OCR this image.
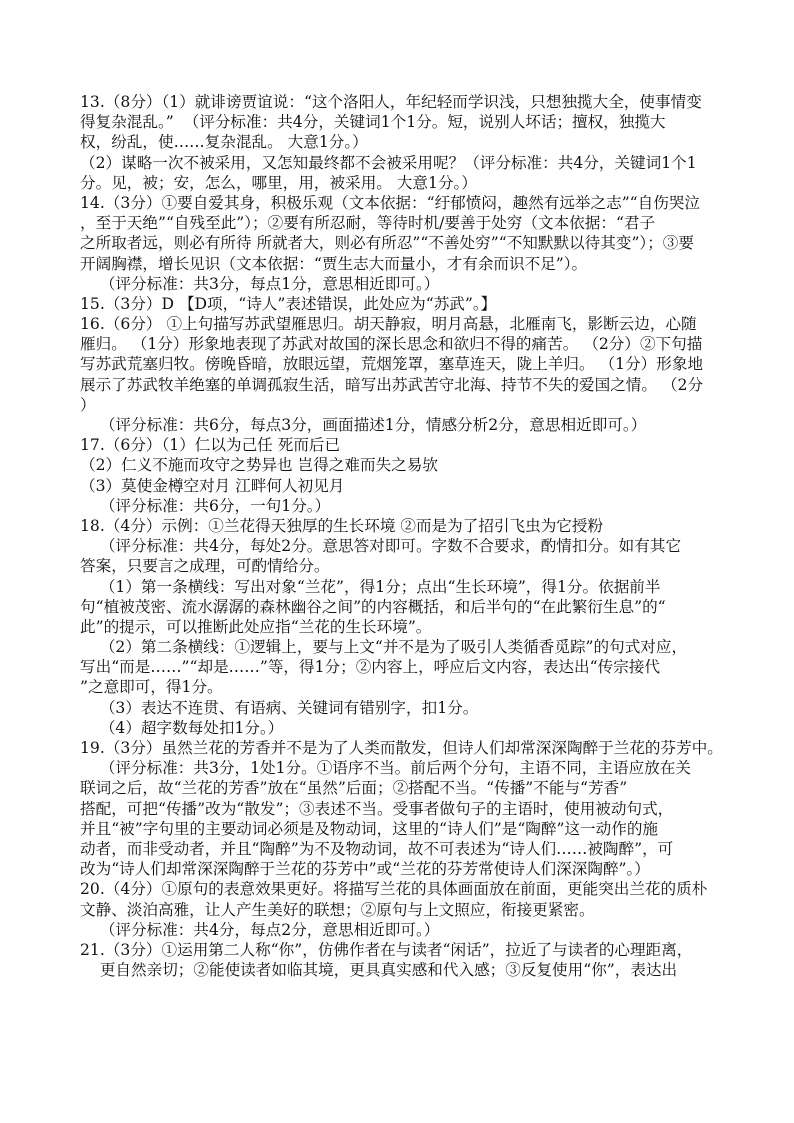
13.（8分）（1）就诽谤贾谊说：“这个洛阳人，年纪轻而学识浅，只想独揽大全，使事情变
得复杂混乱。”  （评分标准：共4分，关键词1个1分。短，说别人坏话；擅权，独揽大
权，纷乱，使……复杂混乱。 大意1分。）
（2）谋略一次不被采用，又怎知最终都不会被采用呢？（评分标准：共4分，关键词1个1
分。见，被；安，怎么，哪里，用，被采用。 大意1分。）
14.（3分）①要自爱其身，积极乐观（文本依据：“纡郁愤闷，趣然有远举之志”“自伤哭泣
，至于天绝”“自残至此”）；②要有所忍耐，等待时机/要善于处穷（文本依据：“君子
之所取者远，则必有所待 所就者大，则必有所忍”“不善处穷”“不知默默以待其变”）；③要
开阔胸襟，增长见识（文本依据：“贾生志大而量小，才有余而识不足”）。
（评分标准：共3分，每点1分，意思相近即可。）
15.（3分）D 【D项，“诗人”表述错误，此处应为“苏武”。】
16.（6分） ①上句描写苏武望雁思归。胡天静寂，明月高悬，北雁南飞，影断云边，心随
雁归。 （1分）形象地表现了苏武对故国的深长思念和欲归不得的痛苦。 （2分）②下句描
写苏武荒塞归牧。傍晚昏暗，放眼远望，荒烟笼罩，塞草连天，陇上羊归。 （1分）形象地
展示了苏武牧羊绝塞的单调孤寂生活，暗写出苏武苦守北海、持节不失的爱国之情。 （2分
）
（评分标准：共6分，每点3分，画面描述1分，情感分析2分，意思相近即可。）
17.（6分）（1）仁以为己任 死而后已
（2）仁义不施而攻守之势异也 岂得之难而失之易欤
（3）莫使金樽空对月 江畔何人初见月
（评分标准：共6分，一句1分。）
18.（4分）示例：①兰花得天独厚的生长环境 ②而是为了招引飞虫为它授粉
（评分标准：共4分，每处2分。意思答对即可。字数不合要求，酌情扣分。如有其它
答案，只要言之成理，可酌情给分。
（1）第一条横线：写出对象“兰花”，得1分；点出“生长环境”，得1分。依据前半
句“植被茂密、流水潺潺的森林幽谷之间”的内容概括，和后半句的“在此繁衍生息”的“
此”的提示，可以推断此处应指“兰花的生长环境”。
（2）第二条横线：①逻辑上，要与上文“并不是为了吸引人类循香觅踪”的句式对应，
写出“而是……”“却是……”等，得1分；②内容上，呼应后文内容，表达出“传宗接代
”之意即可，得1分。
（3）表达不连贯、有语病、关键词有错别字，扣1分。
（4）超字数每处扣1分。）
19.（3分）虽然兰花的芳香并不是为了人类而散发，但诗人们却常深深陶醉于兰花的芬芳中。
（评分标准：共3分，1处1分。①语序不当。前后两个分句，主语不同，主语应放在关
联词之后，故“兰花的芳香”放在“虽然”后面；②搭配不当。“传播”不能与“芳香”
搭配，可把“传播”改为“散发”；③表述不当。受事者做句子的主语时，使用被动句式，
并且“被”字句里的主要动词必须是及物动词，这里的“诗人们”是“陶醉”这一动作的施
动者，而非受动者，并且“陶醉”为不及物动词，故不可表述为“诗人们……被陶醉”，可
改为“诗人们却常深深陶醉于兰花的芬芳中”或“兰花的芬芳常使诗人们深深陶醉”。）
20.（4分）①原句的表意效果更好。将描写兰花的具体画面放在前面，更能突出兰花的质朴
文静、淡泊高雅，让人产生美好的联想；②原句与上文照应，衔接更紧密。
（评分标准：共4分，每点2分，意思相近即可。）
21.（3分）①运用第二人称“你”，仿佛作者在与读者“闲话”，拉近了与读者的心理距离，
更自然亲切；②能使读者如临其境，更具真实感和代入感；③反复使用“你”，表达出
